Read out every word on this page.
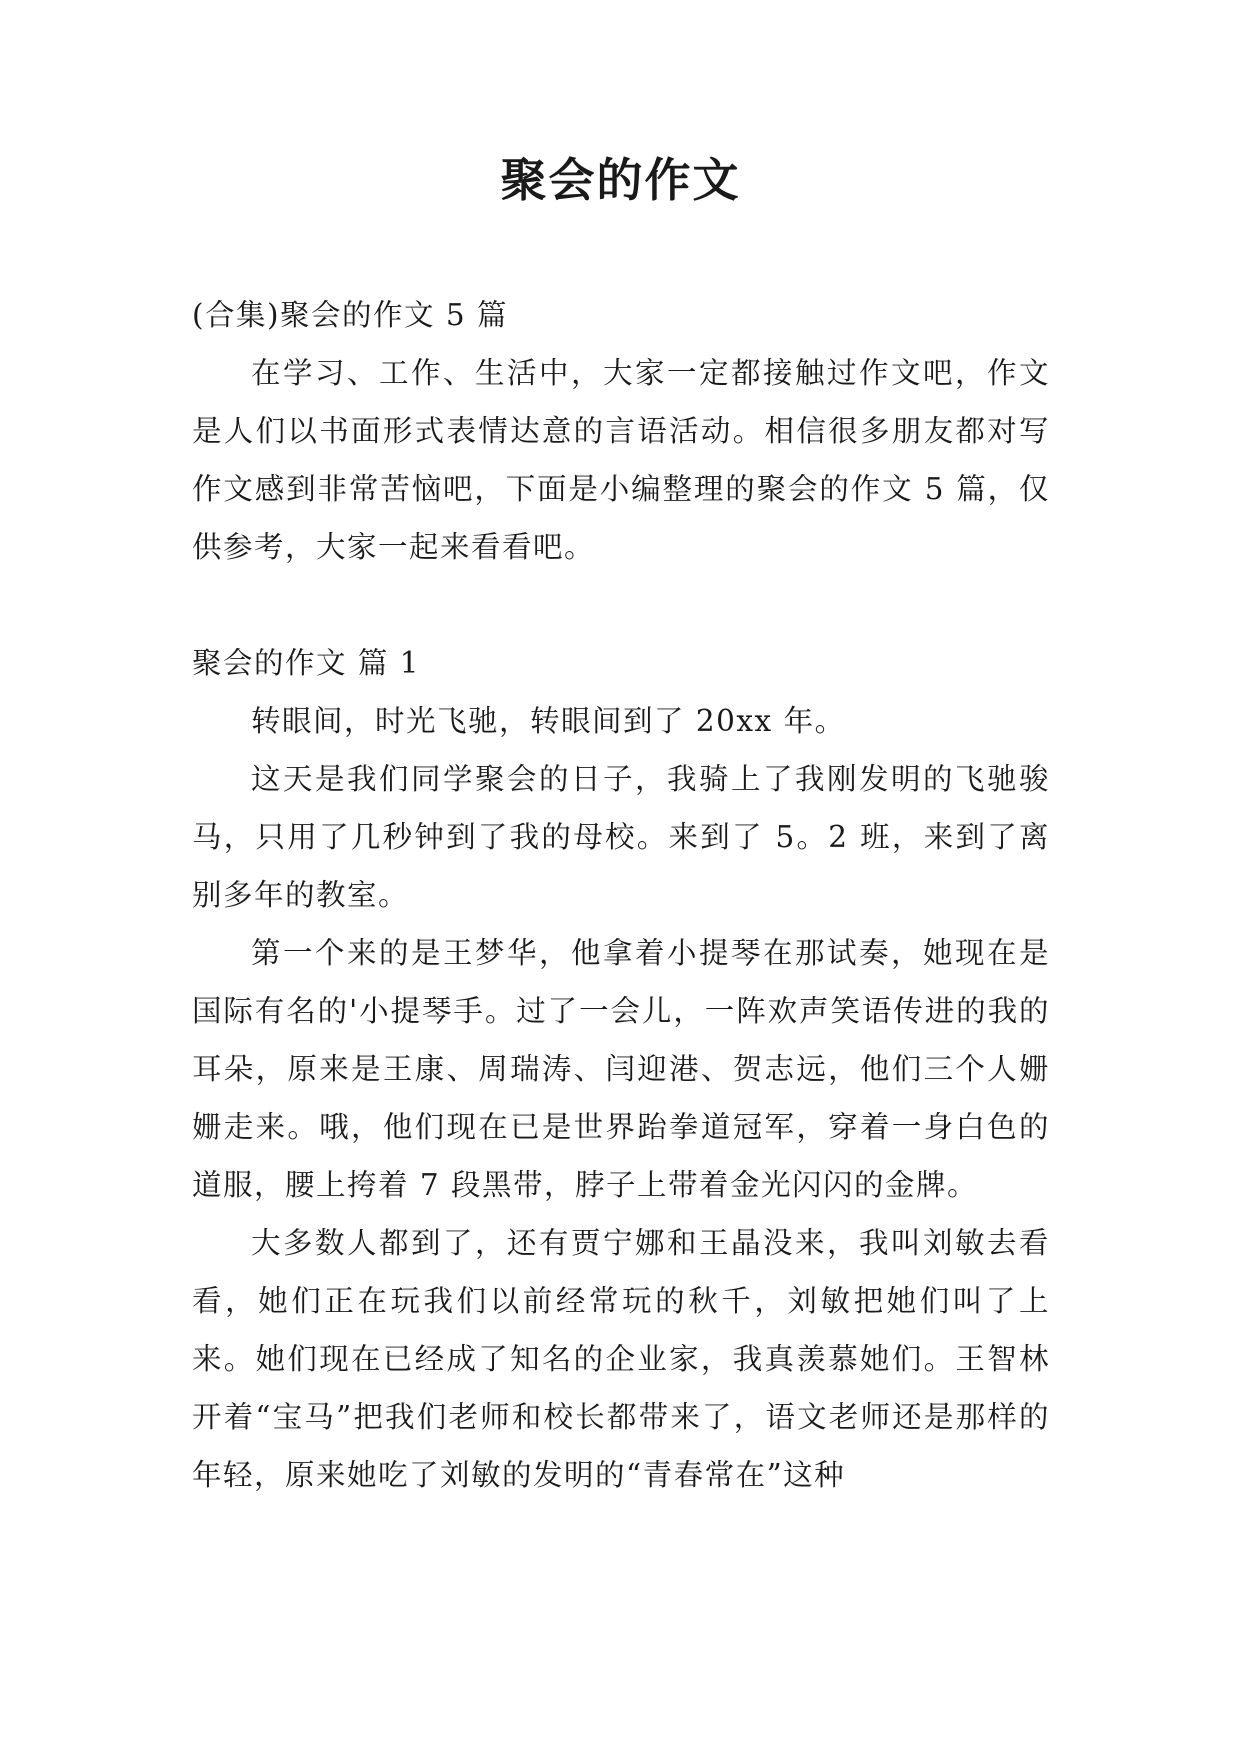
聚会的作文

(合集)聚会的作文 5 篇

在学习、工作、生活中，大家一定都接触过作文吧，作文是人们以书面形式表情达意的言语活动。相信很多朋友都对写作文感到非常苦恼吧，下面是小编整理的聚会的作文 5 篇，仅供参考，大家一起来看看吧。

聚会的作文 篇 1

转眼间，时光飞驰，转眼间到了 20xx 年。

这天是我们同学聚会的日子，我骑上了我刚发明的飞驰骏马，只用了几秒钟到了我的母校。来到了 5。2 班，来到了离别多年的教室。

第一个来的是王梦华，他拿着小提琴在那试奏，她现在是国际有名的'小提琴手。过了一会儿，一阵欢声笑语传进的我的耳朵，原来是王康、周瑞涛、闫迎港、贺志远，他们三个人姗姗走来。哦，他们现在已是世界跆拳道冠军，穿着一身白色的道服，腰上挎着 7 段黑带，脖子上带着金光闪闪的金牌。

大多数人都到了，还有贾宁娜和王晶没来，我叫刘敏去看看，她们正在玩我们以前经常玩的秋千，刘敏把她们叫了上来。她们现在已经成了知名的企业家，我真羡慕她们。王智林开着“宝马”把我们老师和校长都带来了，语文老师还是那样的年轻，原来她吃了刘敏的发明的“青春常在”这种
